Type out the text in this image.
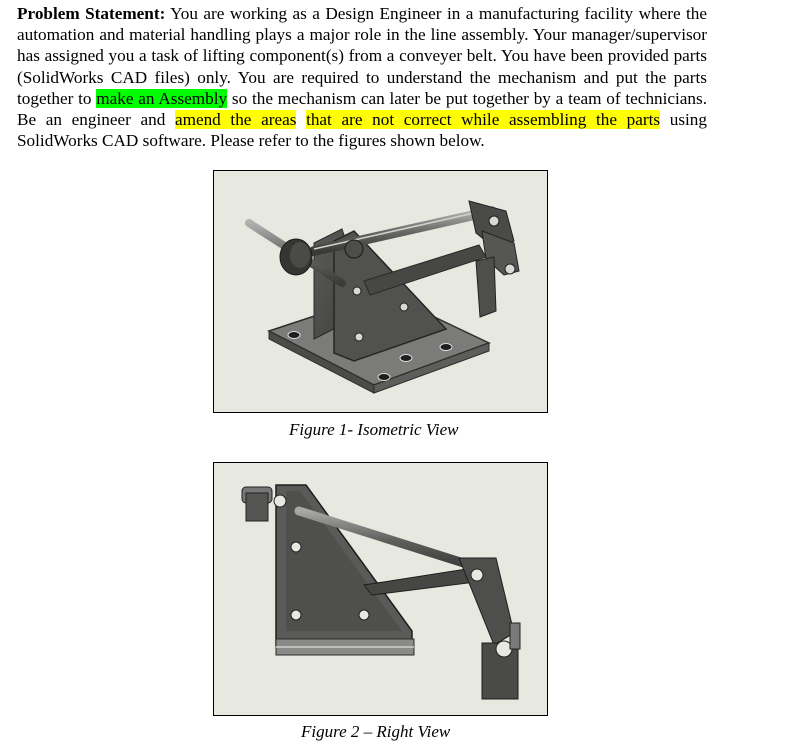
Problem Statement: You are working as a Design Engineer in a manufacturing facility where the automation and material handling plays a major role in the line assembly. Your manager/supervisor has assigned you a task of lifting component(s) from a conveyer belt. You have been provided parts (SolidWorks CAD files) only. You are required to understand the mechanism and put the parts together to make an Assembly so the mechanism can later be put together by a team of technicians. Be an engineer and amend the areas that are not correct while assembling the parts using SolidWorks CAD software. Please refer to the figures shown below.
Figure 1- Isometric View
Figure 2 – Right View
